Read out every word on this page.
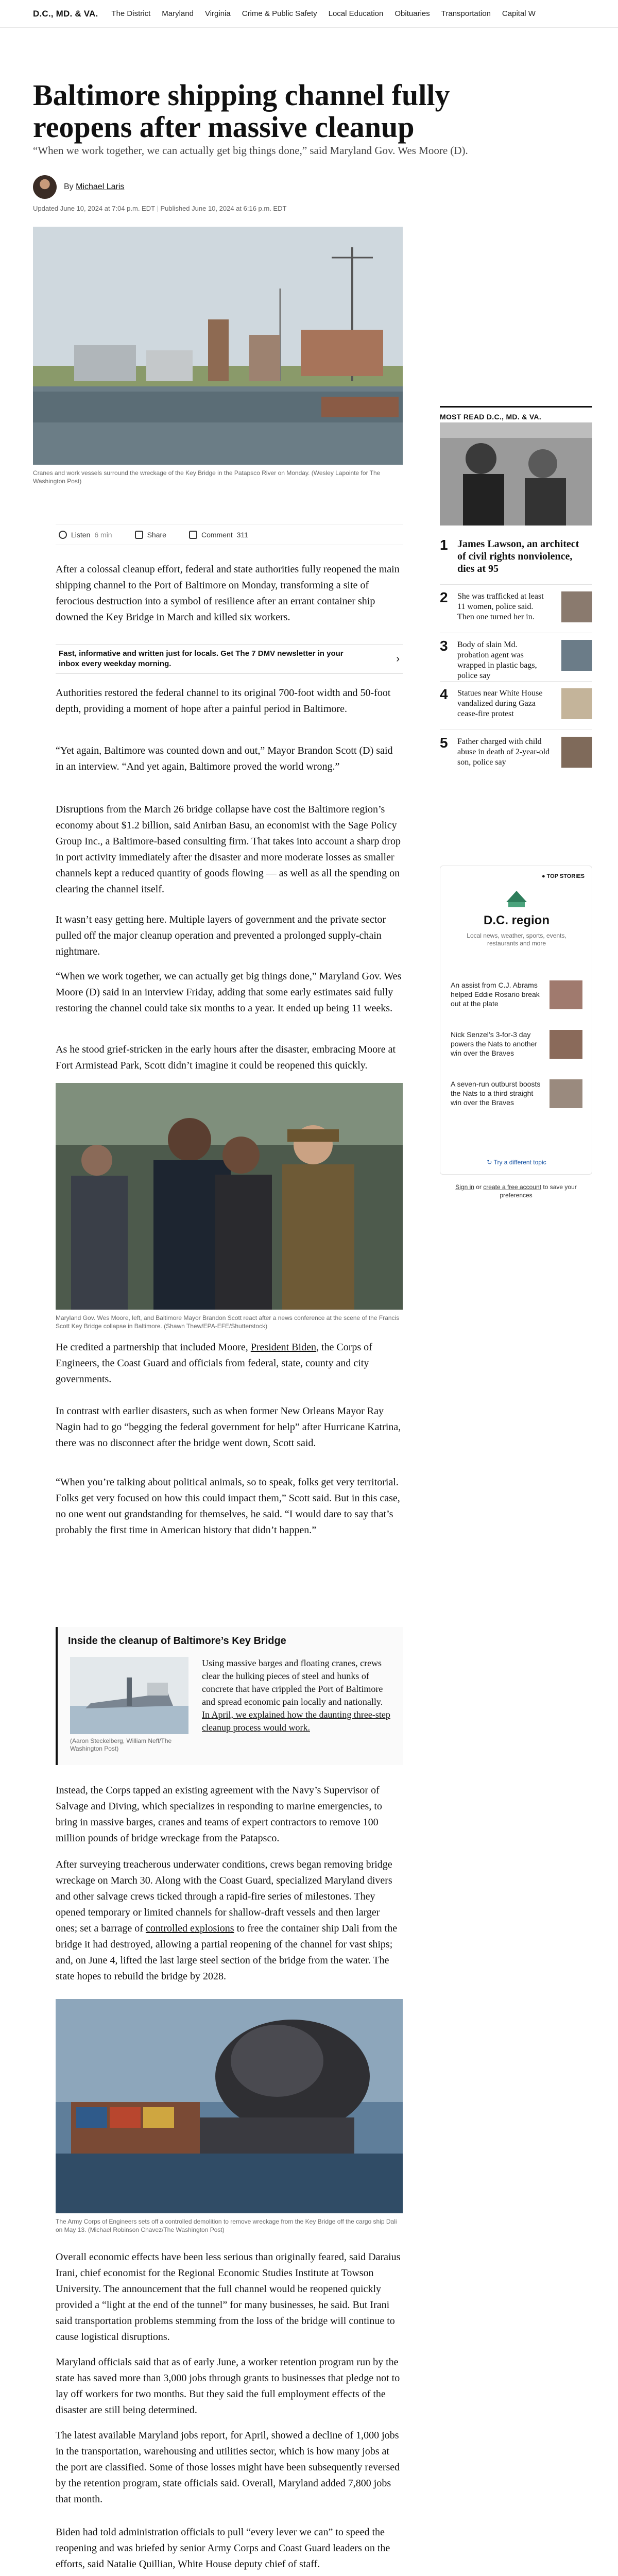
D.C., MD. & VA. The District Maryland Virginia Crime & Public Safety Local Education Obituaries Transportation Capital W
Baltimore shipping channel fully reopens after massive cleanup

“When we work together, we can actually get big things done,” said Maryland Gov. Wes Moore (D).

By
Michael Laris
Updated June 10, 2024 at 7:04 p.m. EDT | Published June 10, 2024 at 6:16 p.m. EDT
Cranes and work vessels surround the wreckage of the Key Bridge in the Patapsco River on Monday. (Wesley Lapointe for The Washington Post)
Listen 6 min	Share	Comment 311

After a colossal cleanup effort, federal and state authorities fully reopened the main shipping channel to the Port of Baltimore on Monday, transforming a site of ferocious destruction into a symbol of resilience after an errant container ship downed the Key Bridge in March and killed six workers.

Fast, informative and written just for locals. Get The 7 DMV newsletter in your inbox every weekday morning.	›

Authorities restored the federal channel to its original 700-foot width and 50-foot depth, providing a moment of hope after a painful period in Baltimore.

“Yet again, Baltimore was counted down and out,” Mayor Brandon Scott (D) said in an interview. “And yet again, Baltimore proved the world wrong.”

Disruptions from the March 26 bridge collapse have cost the Baltimore region’s economy about $1.2 billion, said Anirban Basu, an economist with the Sage Policy Group Inc., a Baltimore-based consulting firm. That takes into account a sharp drop in port activity immediately after the disaster and more moderate losses as smaller channels kept a reduced quantity of goods flowing — as well as all the spending on clearing the channel itself.

It wasn’t easy getting here. Multiple layers of government and the private sector pulled off the major cleanup operation and prevented a prolonged supply-chain nightmare.

“When we work together, we can actually get big things done,” Maryland Gov. Wes Moore (D) said in an interview Friday, adding that some early estimates said fully restoring the channel could take six months to a year. It ended up being 11 weeks.

As he stood grief-stricken in the early hours after the disaster, embracing Moore at Fort Armistead Park, Scott didn’t imagine it could be reopened this quickly.

Maryland Gov. Wes Moore, left, and Baltimore Mayor Brandon Scott react after a news conference at the scene of the Francis Scott Key Bridge collapse in Baltimore. (Shawn Thew/EPA-EFE/Shutterstock)

He credited a partnership that included Moore, President Biden, the Corps of Engineers, the Coast Guard and officials from federal, state, county and city governments.

In contrast with earlier disasters, such as when former New Orleans Mayor Ray Nagin had to go “begging the federal government for help” after Hurricane Katrina, there was no disconnect after the bridge went down, Scott said.

“When you’re talking about political animals, so to speak, folks get very territorial. Folks get very focused on how this could impact them,” Scott said. But in this case, no one went out grandstanding for themselves, he said. “I would dare to say that’s probably the first time in American history that didn’t happen.”

Inside the cleanup of Baltimore’s Key Bridge
(Aaron Steckelberg, William Neff/The Washington Post)
Using massive barges and floating cranes, crews clear the hulking pieces of steel and hunks of concrete that have crippled the Port of Baltimore and spread economic pain locally and nationally. In April, we explained how the daunting three-step cleanup process would work.

Instead, the Corps tapped an existing agreement with the Navy’s Supervisor of Salvage and Diving, which specializes in responding to marine emergencies, to bring in massive barges, cranes and teams of expert contractors to remove 100 million pounds of bridge wreckage from the Patapsco.

After surveying treacherous underwater conditions, crews began removing bridge wreckage on March 30. Along with the Coast Guard, specialized Maryland divers and other salvage crews ticked through a rapid-fire series of milestones. They opened temporary or limited channels for shallow-draft vessels and then larger ones; set a barrage of controlled explosions to free the container ship Dali from the bridge it had destroyed, allowing a partial reopening of the channel for vast ships; and, on June 4, lifted the last large steel section of the bridge from the water. The state hopes to rebuild the bridge by 2028.

The Army Corps of Engineers sets off a controlled demolition to remove wreckage from the Key Bridge off the cargo ship Dali on May 13. (Michael Robinson Chavez/The Washington Post)

Overall economic effects have been less serious than originally feared, said Daraius Irani, chief economist for the Regional Economic Studies Institute at Towson University. The announcement that the full channel would be reopened quickly provided a “light at the end of the tunnel” for many businesses, he said. But Irani said transportation problems stemming from the loss of the bridge will continue to cause logistical disruptions.

Maryland officials said that as of early June, a worker retention program run by the state has saved more than 3,000 jobs through grants to businesses that pledge not to lay off workers for two months. But they said the full employment effects of the disaster are still being determined.

The latest available Maryland jobs report, for April, showed a decline of 1,000 jobs in the transportation, warehousing and utilities sector, which is how many jobs at the port are classified. Some of those losses might have been subsequently reversed by the retention program, state officials said. Overall, Maryland added 7,800 jobs that month.

Biden had told administration officials to pull “every lever we can” to speed the reopening and was briefed by senior Army Corps and Coast Guard leaders on the efforts, said Natalie Quillian, White House deputy chief of staff.

MOST READ D.C., MD. & VA.
1 James Lawson, an architect of civil rights nonviolence, dies at 95
2 She was trafficked at least 11 women, police said. Then one turned her in.
3 Body of slain Md. probation agent was wrapped in plastic bags, police say
4 Statues near White House vandalized during Gaza cease-fire protest
5 Father charged with child abuse in death of 2-year-old son, police say
● TOP STORIES
D.C. region
Local news, weather, sports, events, restaurants and more
An assist from C.J. Abrams helped Eddie Rosario break out at the plate
Nick Senzel’s 3-for-3 day powers the Nats to another win over the Braves
A seven-run outburst boosts the Nats to a third straight win over the Braves
↻ Try a different topic
Sign in or create a free account to save your preferences
